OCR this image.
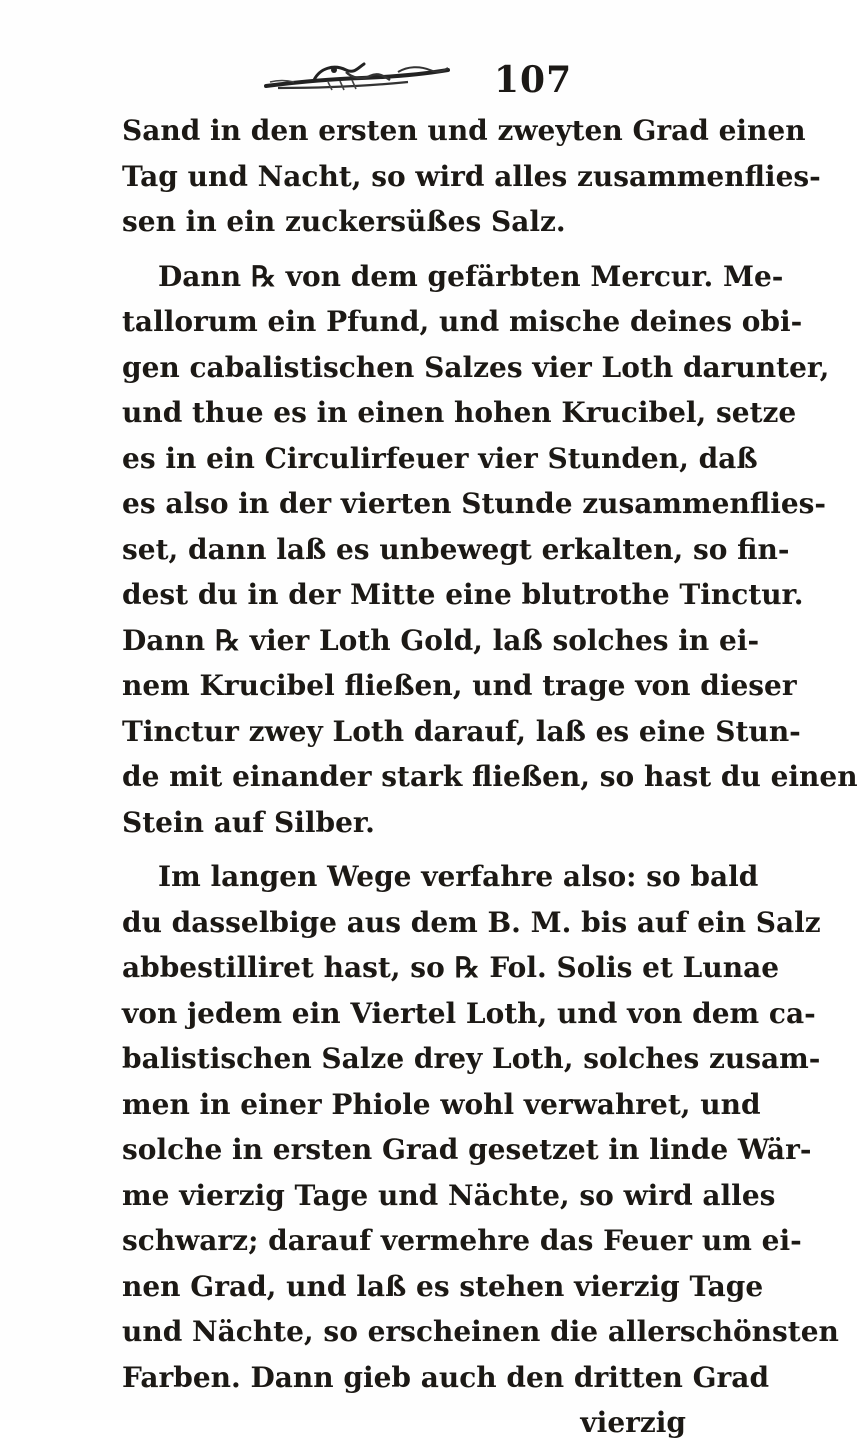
107
Sand in den ersten und zweyten Grad einen
Tag und Nacht, so wird alles zusammenflies-
sen in ein zuckersüßes Salz.
Dann ℞ von dem gefärbten Mercur. Me-
tallorum ein Pfund, und mische deines obi-
gen cabalistischen Salzes vier Loth darunter,
und thue es in einen hohen Krucibel, setze
es in ein Circulirfeuer vier Stunden, daß
es also in der vierten Stunde zusammenflies-
set, dann laß es unbewegt erkalten, so fin-
dest du in der Mitte eine blutrothe Tinctur.
Dann ℞ vier Loth Gold, laß solches in ei-
nem Krucibel fließen, und trage von dieser
Tinctur zwey Loth darauf, laß es eine Stun-
de mit einander stark fließen, so hast du einen
Stein auf Silber.
Im langen Wege verfahre also: so bald
du dasselbige aus dem B. M. bis auf ein Salz
abbestilliret hast, so ℞ Fol. Solis et Lunae
von jedem ein Viertel Loth, und von dem ca-
balistischen Salze drey Loth, solches zusam-
men in einer Phiole wohl verwahret, und
solche in ersten Grad gesetzet in linde Wär-
me vierzig Tage und Nächte, so wird alles
schwarz; darauf vermehre das Feuer um ei-
nen Grad, und laß es stehen vierzig Tage
und Nächte, so erscheinen die allerschönsten
Farben. Dann gieb auch den dritten Grad
vierzig
